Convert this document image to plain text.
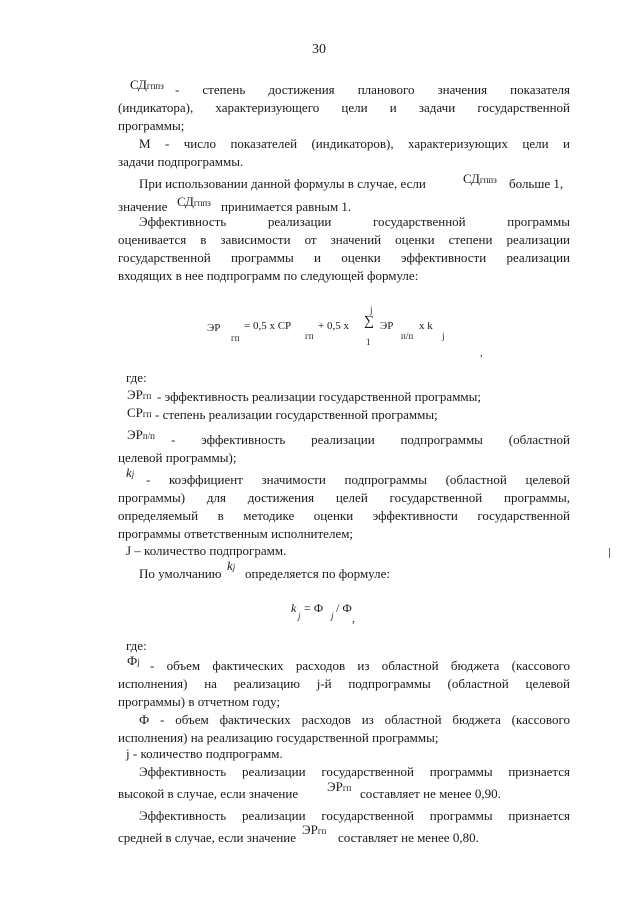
30
СДгппз - степень достижения планового значения показателя
(индикатора), характеризующего цели и задачи государственной
программы;
М - число показателей (индикаторов), характеризующих цели и
задачи подпрограммы.
При использовании данной формулы в случае, если	СДгппз больше 1,
значение СДгппз принимается равным 1.
Эффективность реализации государственной программы
оценивается в зависимости от значений оценки степени реализации
государственной программы и оценки эффективности реализации
входящих в нее подпрограмм по следующей формуле:
ЭР
гп
= 0,5 х СР
гп
+ 0,5 х
j
∑
1
ЭР
п/п
х k
j
,
где:
ЭРгп - эффективность реализации государственной программы;
СРгп - степень реализации государственной программы;
ЭРп/п - эффективность реализации подпрограммы (областной
целевой программы);
kj - коэффициент значимости подпрограммы (областной целевой
программы) для достижения целей государственной программы,
определяемый в методике оценки эффективности государственной
программы ответственным исполнителем;
J – количество подпрограмм.
По умолчанию
kj определяется по формуле:
k
j
= Ф
j
/ Ф
,
где:
Фj - объем фактических расходов из областной бюджета (кассового
исполнения) на реализацию j-й подпрограммы (областной целевой
программы) в отчетном году;
Ф - объем фактических расходов из областной бюджета (кассового
исполнения) на реализацию государственной программы;
j - количество подпрограмм.
Эффективность реализации государственной программы признается
высокой в случае, если значение ЭРгп составляет не менее 0,90.
Эффективность реализации государственной программы признается
средней в случае, если значение
ЭРгп составляет не менее 0,80.
